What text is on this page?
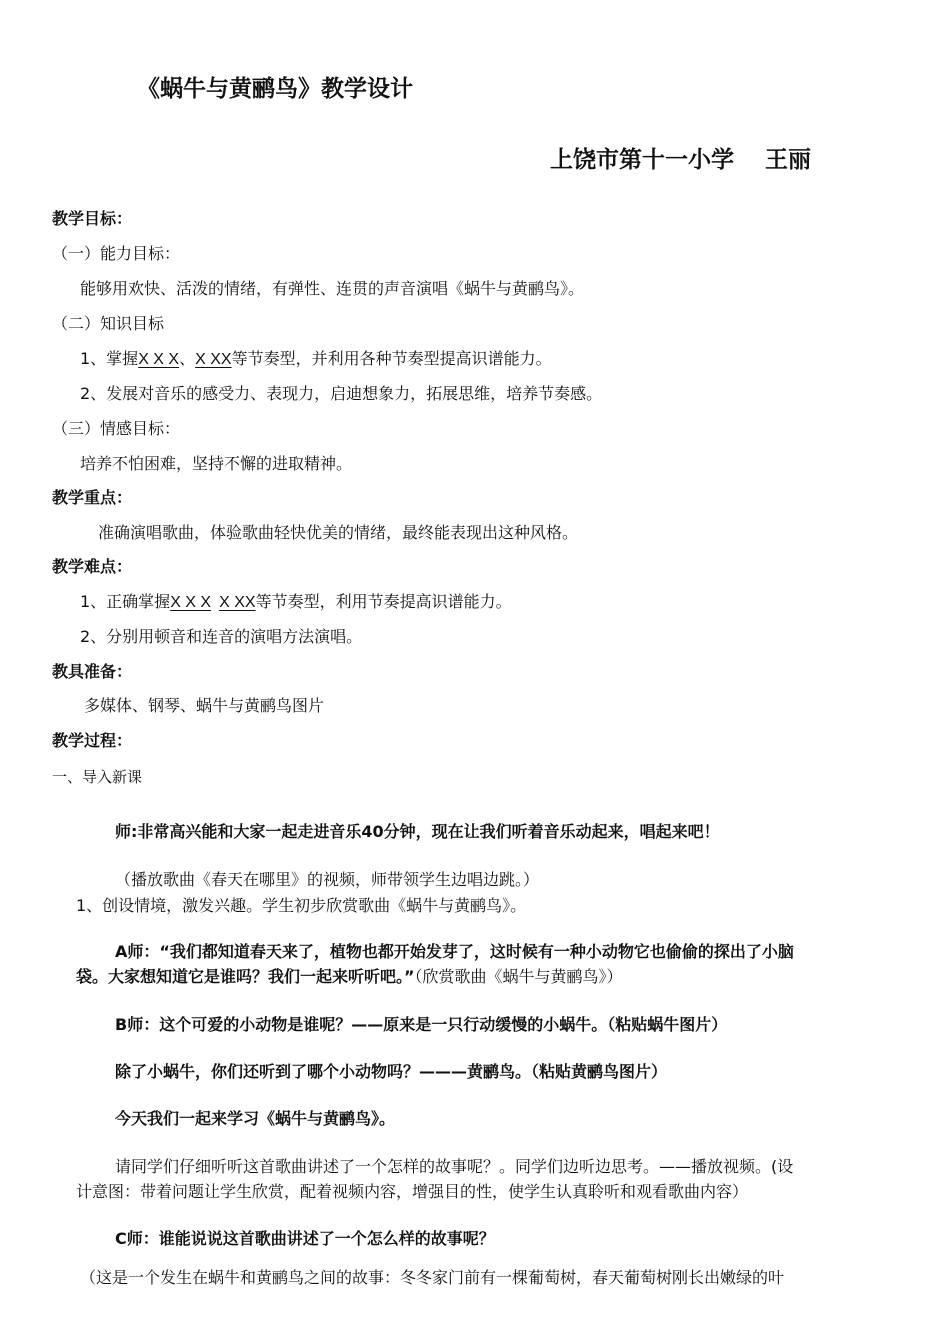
《蜗牛与黄鹂鸟》教学设计
上饶市第十一小学　 王丽
教学目标：
（一）能力目标：
能够用欢快、活泼的情绪，有弹性、连贯的声音演唱《蜗牛与黄鹂鸟》。
（二）知识目标
1、掌握X X X、X XX等节奏型，并利用各种节奏型提高识谱能力。
2、发展对音乐的感受力、表现力，启迪想象力，拓展思维，培养节奏感。
（三）情感目标：
培养不怕困难，坚持不懈的进取精神。
教学重点：
准确演唱歌曲，体验歌曲轻快优美的情绪，最终能表现出这种风格。
教学难点：
1、正确掌握X X X X XX等节奏型，利用节奏提高识谱能力。
2、分别用顿音和连音的演唱方法演唱。
教具准备：
多媒体、钢琴、蜗牛与黄鹂鸟图片
教学过程：
一、导入新课
师:非常高兴能和大家一起走进音乐40分钟，现在让我们听着音乐动起来，唱起来吧！
（播放歌曲《春天在哪里》的视频，师带领学生边唱边跳。）
1、创设情境，激发兴趣。学生初步欣赏歌曲《蜗牛与黄鹂鸟》。
A师：“我们都知道春天来了，植物也都开始发芽了，这时候有一种小动物它也偷偷的探出了小脑
袋。大家想知道它是谁吗？我们一起来听听吧。”（欣赏歌曲《蜗牛与黄鹂鸟》）
B师：这个可爱的小动物是谁呢？——原来是一只行动缓慢的小蜗牛。（粘贴蜗牛图片）
除了小蜗牛，你们还听到了哪个小动物吗？———黄鹂鸟。（粘贴黄鹂鸟图片）
今天我们一起来学习《蜗牛与黄鹂鸟》。
请同学们仔细听听这首歌曲讲述了一个怎样的故事呢？。同学们边听边思考。——播放视频。(设
计意图：带着问题让学生欣赏，配着视频内容，增强目的性，使学生认真聆听和观看歌曲内容）
C师：谁能说说这首歌曲讲述了一个怎么样的故事呢？
（这是一个发生在蜗牛和黄鹂鸟之间的故事：冬冬家门前有一棵葡萄树，春天葡萄树刚长出嫩绿的叶
